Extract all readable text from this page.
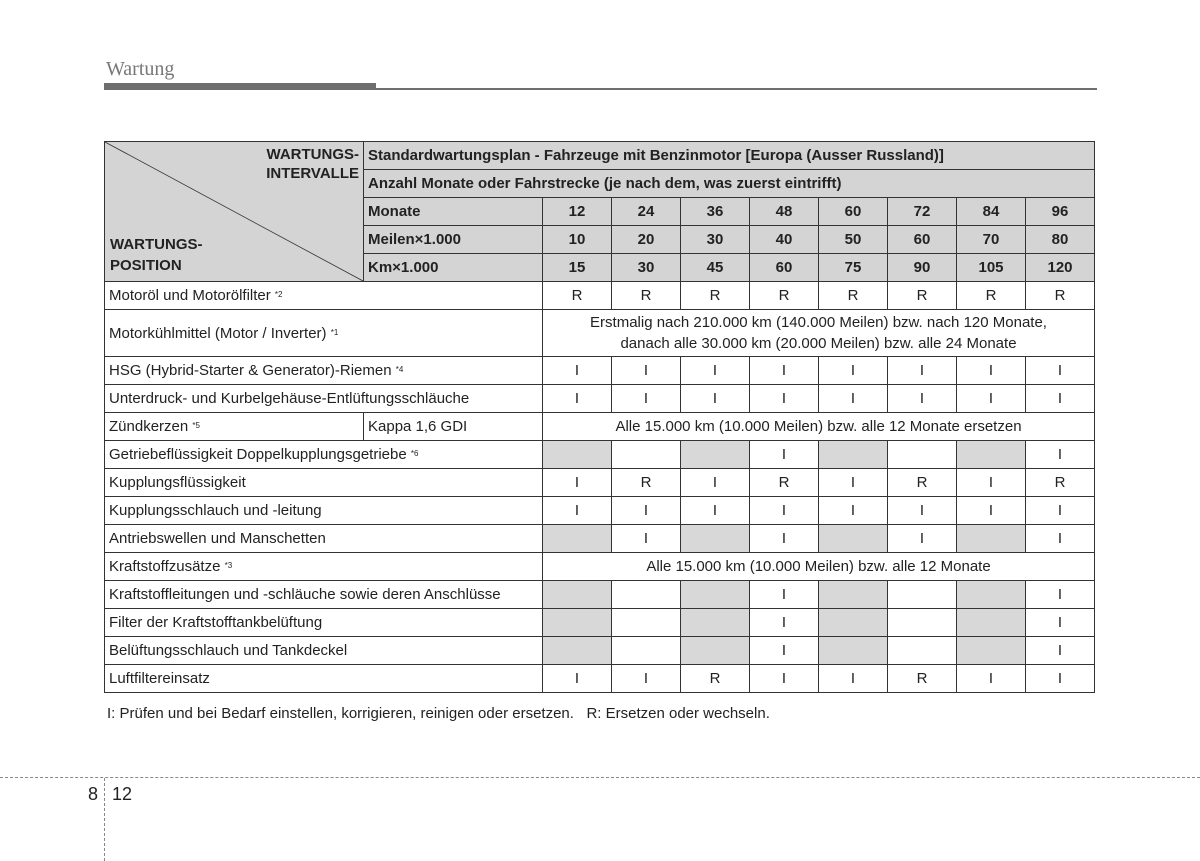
Wartung
WARTUNGS-
INTERVALLE
WARTUNGS-
POSITION	Standardwartungsplan - Fahrzeuge mit Benzinmotor [Europa (Ausser Russland)]								
	Anzahl Monate oder Fahrstrecke (je nach dem, was zuerst eintrifft)								
	Monate	12	24	36	48	60	72	84	96
	Meilen×1.000	10	20	30	40	50	60	70	80
	Km×1.000	15	30	45	60	75	90	105	120
Motoröl und Motorölfilter $^{*2}$		R	R	R	R	R	R	R	R
Motorkühlmittel (Motor / Inverter) $^{*1}$		Erstmalig nach 210.000 km (140.000 Meilen) bzw. nach 120 Monate,
danach alle 30.000 km (20.000 Meilen) bzw. alle 24 Monate							
HSG (Hybrid-Starter & Generator)-Riemen $^{*4}$		I	I	I	I	I	I	I	I
Unterdruck- und Kurbelgehäuse-Entlüftungsschläuche		I	I	I	I	I	I	I	I
Zündkerzen $^{*5}$	Kappa 1,6 GDI	Alle 15.000 km (10.000 Meilen) bzw. alle 12 Monate ersetzen							
Getriebeflüssigkeit Doppelkupplungsgetriebe $^{*6}$					I				I
Kupplungsflüssigkeit		I	R	I	R	I	R	I	R
Kupplungsschlauch und -leitung		I	I	I	I	I	I	I	I
Antriebswellen und Manschetten			I		I		I		I
Kraftstoffzusätze $^{*3}$		Alle 15.000 km (10.000 Meilen) bzw. alle 12 Monate							
Kraftstoffleitungen und -schläuche sowie deren Anschlüsse					I				I
Filter der Kraftstofftankbelüftung					I				I
Belüftungsschlauch und Tankdeckel					I				I
Luftfiltereinsatz		I	I	R	I	I	R	I	I
I: Prüfen und bei Bedarf einstellen, korrigieren, reinigen oder ersetzen.   R: Ersetzen oder wechseln.
8 12
